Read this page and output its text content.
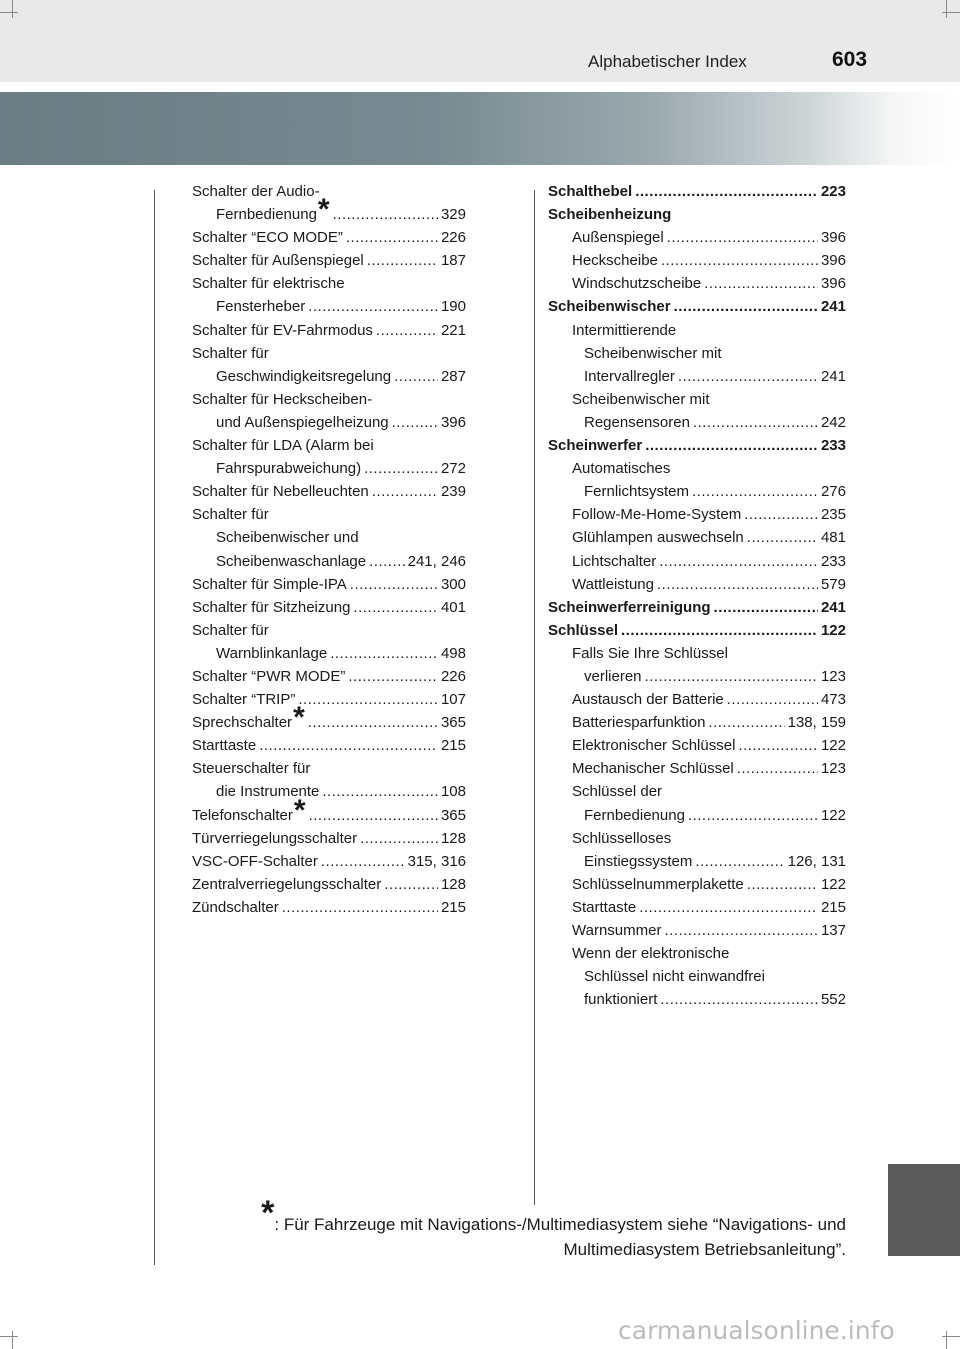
Alphabetischer Index	603
Schalter der Audio-
Fernbedienung * .....	329
Schalter “ECO MODE” .....	226
Schalter für Außenspiegel .....	187
Schalter für elektrische
Fensterheber .....	190
Schalter für EV-Fahrmodus .....	221
Schalter für
Geschwindigkeitsregelung .....	287
Schalter für Heckscheiben-
und Außenspiegelheizung .....	396
Schalter für LDA (Alarm bei
Fahrspurabweichung) .....	272
Schalter für Nebelleuchten .....	239
Schalter für
Scheibenwischer und
Scheibenwaschanlage .....	241, 246
Schalter für Simple-IPA .....	300
Schalter für Sitzheizung .....	401
Schalter für
Warnblinkanlage .....	498
Schalter “PWR MODE” .....	226
Schalter “TRIP” .....	107
Sprechschalter * .....	365
Starttaste .....	215
Steuerschalter für
die Instrumente .....	108
Telefonschalter * .....	365
Türverriegelungsschalter .....	128
VSC-OFF-Schalter .....	315, 316
Zentralverriegelungsschalter .....	128
Zündschalter .....	215
Schalthebel .....	223
Scheibenheizung
Außenspiegel .....	396
Heckscheibe .....	396
Windschutzscheibe .....	396
Scheibenwischer .....	241
Intermittierende
Scheibenwischer mit
Intervallregler .....	241
Scheibenwischer mit
Regensensoren .....	242
Scheinwerfer .....	233
Automatisches
Fernlichtsystem .....	276
Follow-Me-Home-System .....	235
Glühlampen auswechseln .....	481
Lichtschalter .....	233
Wattleistung .....	579
Scheinwerferreinigung .....	241
Schlüssel .....	122
Falls Sie Ihre Schlüssel
verlieren .....	123
Austausch der Batterie .....	473
Batteriesparfunktion .....	138, 159
Elektronischer Schlüssel .....	122
Mechanischer Schlüssel .....	123
Schlüssel der
Fernbedienung .....	122
Schlüsselloses
Einstiegssystem .....	126, 131
Schlüsselnummerplakette .....	122
Starttaste .....	215
Warnsummer .....	137
Wenn der elektronische
Schlüssel nicht einwandfrei
funktioniert .....	552
*: Für Fahrzeuge mit Navigations-/Multimediasystem siehe “Navigations- und
Multimediasystem Betriebsanleitung”.
carmanualsonline.info
